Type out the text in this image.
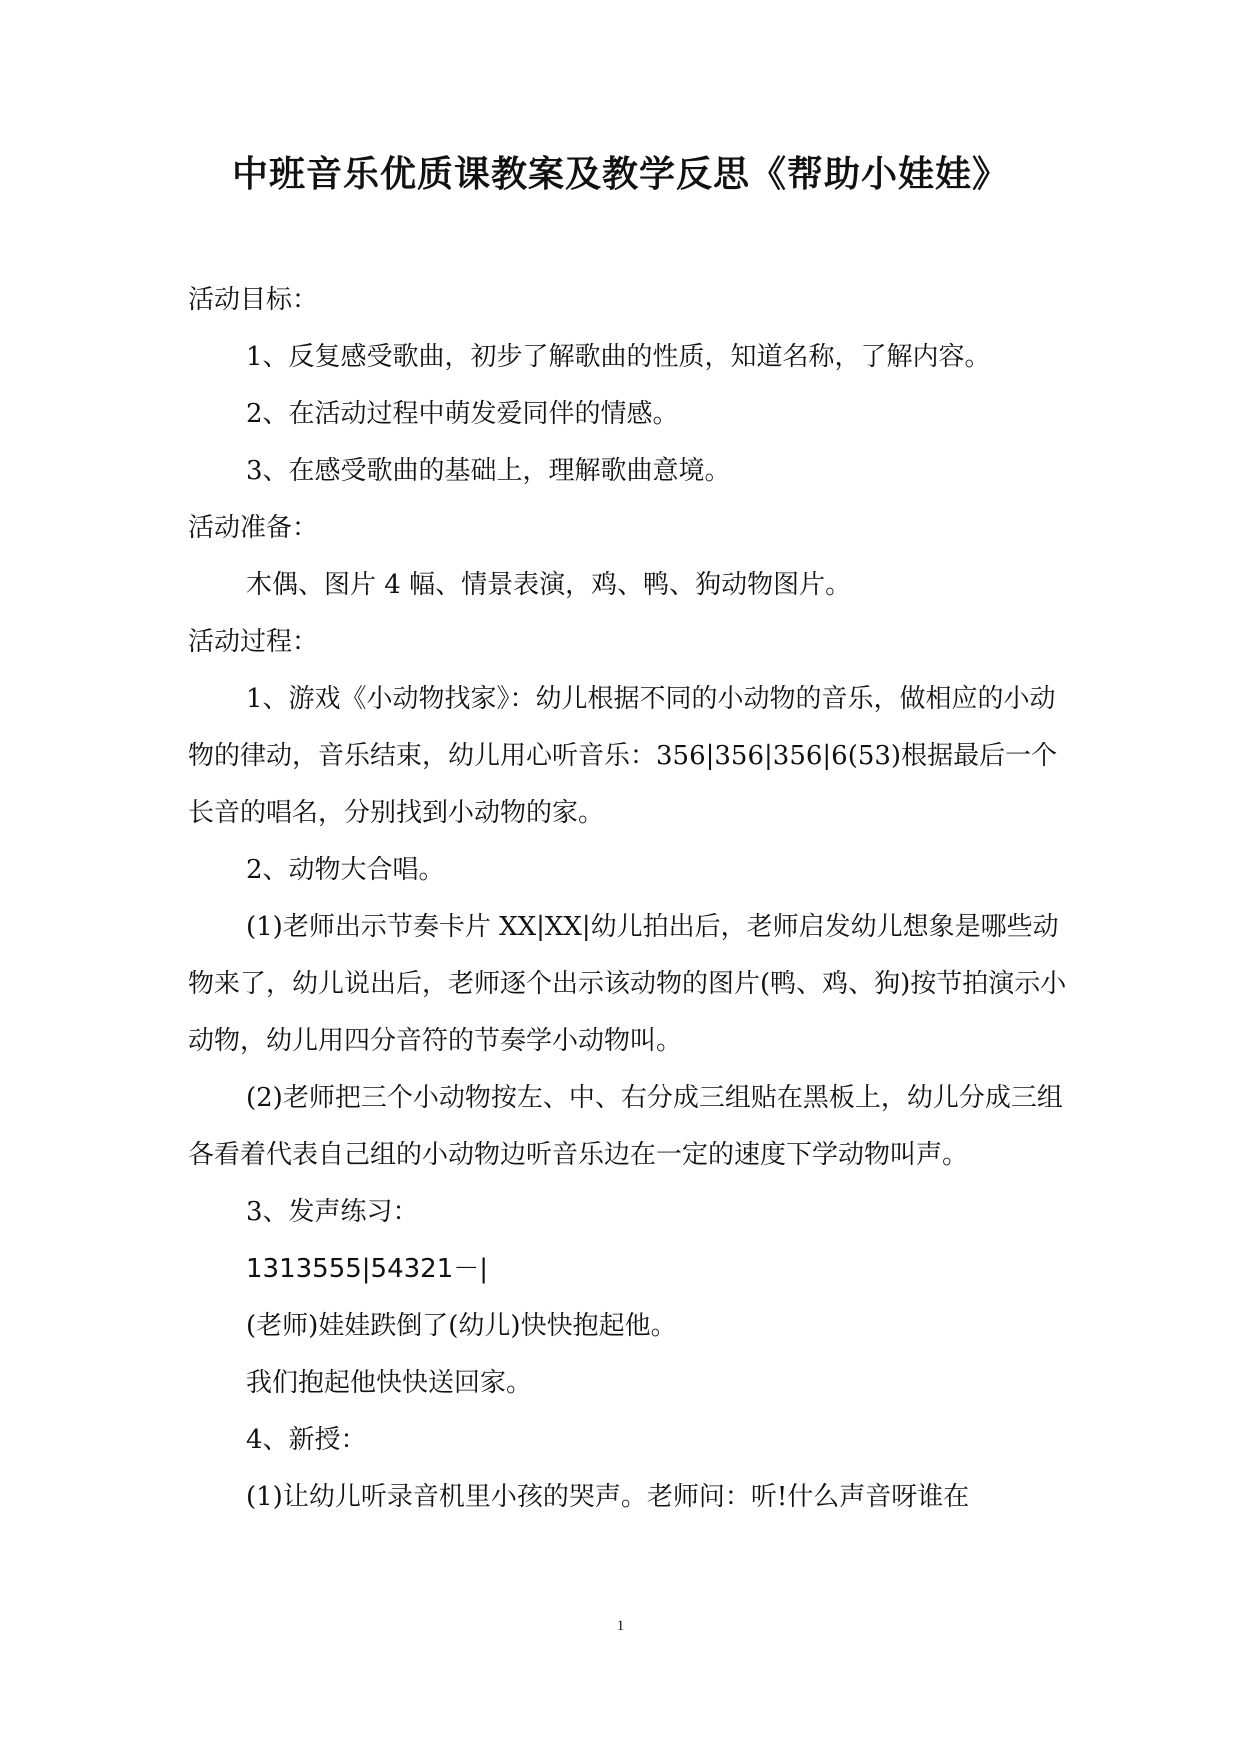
中班音乐优质课教案及教学反思《帮助小娃娃》

活动目标：

1、反复感受歌曲，初步了解歌曲的性质，知道名称，了解内容。

2、在活动过程中萌发爱同伴的情感。

3、在感受歌曲的基础上，理解歌曲意境。

活动准备：

木偶、图片 4 幅、情景表演，鸡、鸭、狗动物图片。

活动过程：

1、游戏《小动物找家》：幼儿根据不同的小动物的音乐，做相应的小动物的律动，音乐结束，幼儿用心听音乐：356|356|356|6(53)根据最后一个长音的唱名，分别找到小动物的家。

2、动物大合唱。

(1)老师出示节奏卡片 XX|XX|幼儿拍出后，老师启发幼儿想象是哪些动物来了，幼儿说出后，老师逐个出示该动物的图片(鸭、鸡、狗)按节拍演示小动物，幼儿用四分音符的节奏学小动物叫。

(2)老师把三个小动物按左、中、右分成三组贴在黑板上，幼儿分成三组各看着代表自己组的小动物边听音乐边在一定的速度下学动物叫声。

3、发声练习：

1313555|54321－|

(老师)娃娃跌倒了(幼儿)快快抱起他。

我们抱起他快快送回家。

4、新授：

(1)让幼儿听录音机里小孩的哭声。老师问：听!什么声音呀谁在

1
